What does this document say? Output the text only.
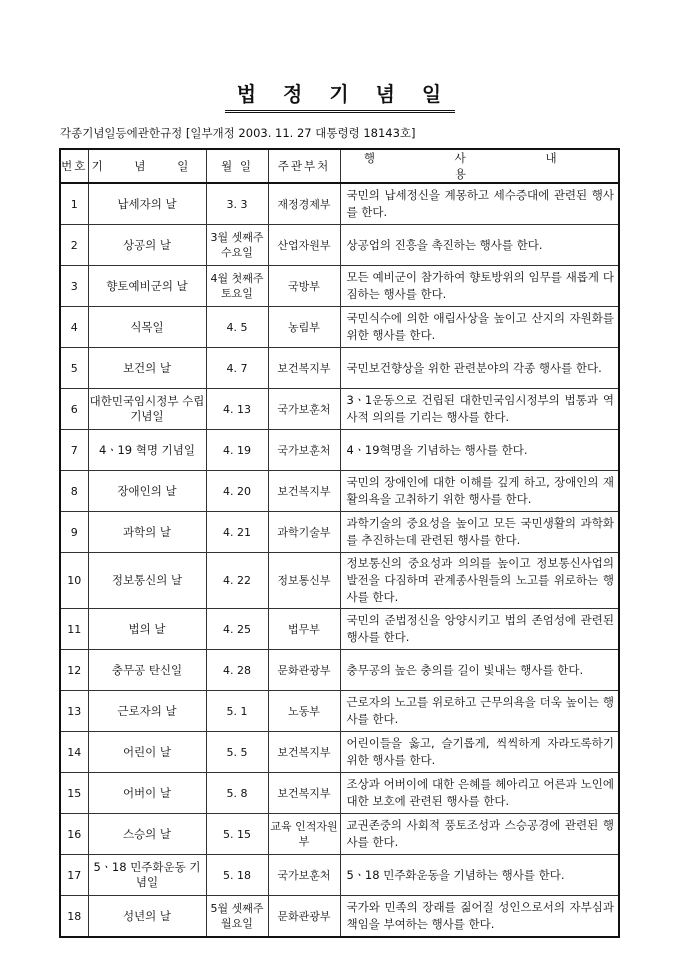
법 정 기 념 일
각종기념일등에관한규정 [일부개정 2003. 11. 27 대통령령 18143호]
번호	기 념 일	월 일	주관부처	행 사 내 용
1	납세자의 날	3. 3	재정경제부	국민의 납세정신을 계몽하고 세수증대에 관련된 행사를 한다.
2	상공의 날	3월 셋째주 수요일	산업자원부	상공업의 진흥을 촉진하는 행사를 한다.
3	향토예비군의 날	4월 첫째주 토요일	국방부	모든 예비군이 참가하여 향토방위의 임무를 새롭게 다짐하는 행사를 한다.
4	식목일	4. 5	농림부	국민식수에 의한 애림사상을 높이고 산지의 자원화를 위한 행사를 한다.
5	보건의 날	4. 7	보건복지부	국민보건향상을 위한 관련분야의 각종 행사를 한다.
6	대한민국임시정부 수립 기념일	4. 13	국가보훈처	3ㆍ1운동으로 건립된 대한민국임시정부의 법통과 역사적 의의를 기리는 행사를 한다.
7	4ㆍ19 혁명 기념일	4. 19	국가보훈처	4ㆍ19혁명을 기념하는 행사를 한다.
8	장애인의 날	4. 20	보건복지부	국민의 장애인에 대한 이해를 깊게 하고, 장애인의 재활의욕을 고취하기 위한 행사를 한다.
9	과학의 날	4. 21	과학기술부	과학기술의 중요성을 높이고 모든 국민생활의 과학화를 추진하는데 관련된 행사를 한다.
10	정보통신의 날	4. 22	정보통신부	정보통신의 중요성과 의의를 높이고 정보통신사업의 발전을 다짐하며 관계종사원들의 노고를 위로하는 행사를 한다.
11	법의 날	4. 25	법무부	국민의 준법정신을 앙양시키고 법의 존엄성에 관련된 행사를 한다.
12	충무공 탄신일	4. 28	문화관광부	충무공의 높은 충의를 길이 빛내는 행사를 한다.
13	근로자의 날	5. 1	노동부	근로자의 노고를 위로하고 근무의욕을 더욱 높이는 행사를 한다.
14	어린이 날	5. 5	보건복지부	어린이들을 옳고, 슬기롭게, 씩씩하게 자라도록하기 위한 행사를 한다.
15	어버이 날	5. 8	보건복지부	조상과 어버이에 대한 은혜를 헤아리고 어른과 노인에 대한 보호에 관련된 행사를 한다.
16	스승의 날	5. 15	교육 인적자원부	교권존중의 사회적 풍토조성과 스승공경에 관련된 행사를 한다.
17	5ㆍ18 민주화운동 기념일	5. 18	국가보훈처	5ㆍ18 민주화운동을 기념하는 행사를 한다.
18	성년의 날	5월 셋째주 월요일	문화관광부	국가와 민족의 장래를 짊어질 성인으로서의 자부심과 책임을 부여하는 행사를 한다.
